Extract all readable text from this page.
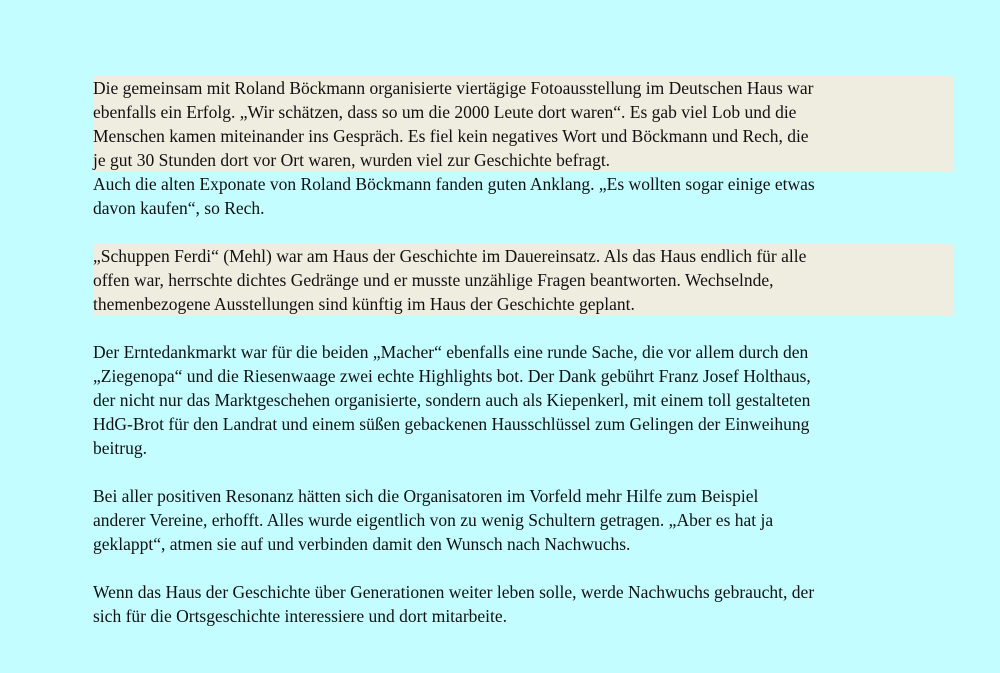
Die gemeinsam mit Roland Böckmann organisierte viertägige Fotoausstellung im Deutschen Haus war
ebenfalls ein Erfolg. „Wir schätzen, dass so um die 2000 Leute dort waren“. Es gab viel Lob und die
Menschen kamen miteinander ins Gespräch. Es fiel kein negatives Wort und Böckmann und Rech, die
je gut 30 Stunden dort vor Ort waren, wurden viel zur Geschichte befragt.

Auch die alten Exponate von Roland Böckmann fanden guten Anklang. „Es wollten sogar einige etwas
davon kaufen“, so Rech.

„Schuppen Ferdi“ (Mehl) war am Haus der Geschichte im Dauereinsatz. Als das Haus endlich für alle
offen war, herrschte dichtes Gedränge und er musste unzählige Fragen beantworten. Wechselnde,
themenbezogene Ausstellungen sind künftig im Haus der Geschichte geplant.

Der Erntedankmarkt war für die beiden „Macher“ ebenfalls eine runde Sache, die vor allem durch den
„Ziegenopa“ und die Riesenwaage zwei echte Highlights bot. Der Dank gebührt Franz Josef Holthaus,
der nicht nur das Marktgeschehen organisierte, sondern auch als Kiepenkerl, mit einem toll gestalteten
HdG-Brot für den Landrat und einem süßen gebackenen Hausschlüssel zum Gelingen der Einweihung
beitrug.

Bei aller positiven Resonanz hätten sich die Organisatoren im Vorfeld mehr Hilfe zum Beispiel
anderer Vereine, erhofft. Alles wurde eigentlich von zu wenig Schultern getragen. „Aber es hat ja
geklappt“, atmen sie auf und verbinden damit den Wunsch nach Nachwuchs.

Wenn das Haus der Geschichte über Generationen weiter leben solle, werde Nachwuchs gebraucht, der
sich für die Ortsgeschichte interessiere und dort mitarbeite.
